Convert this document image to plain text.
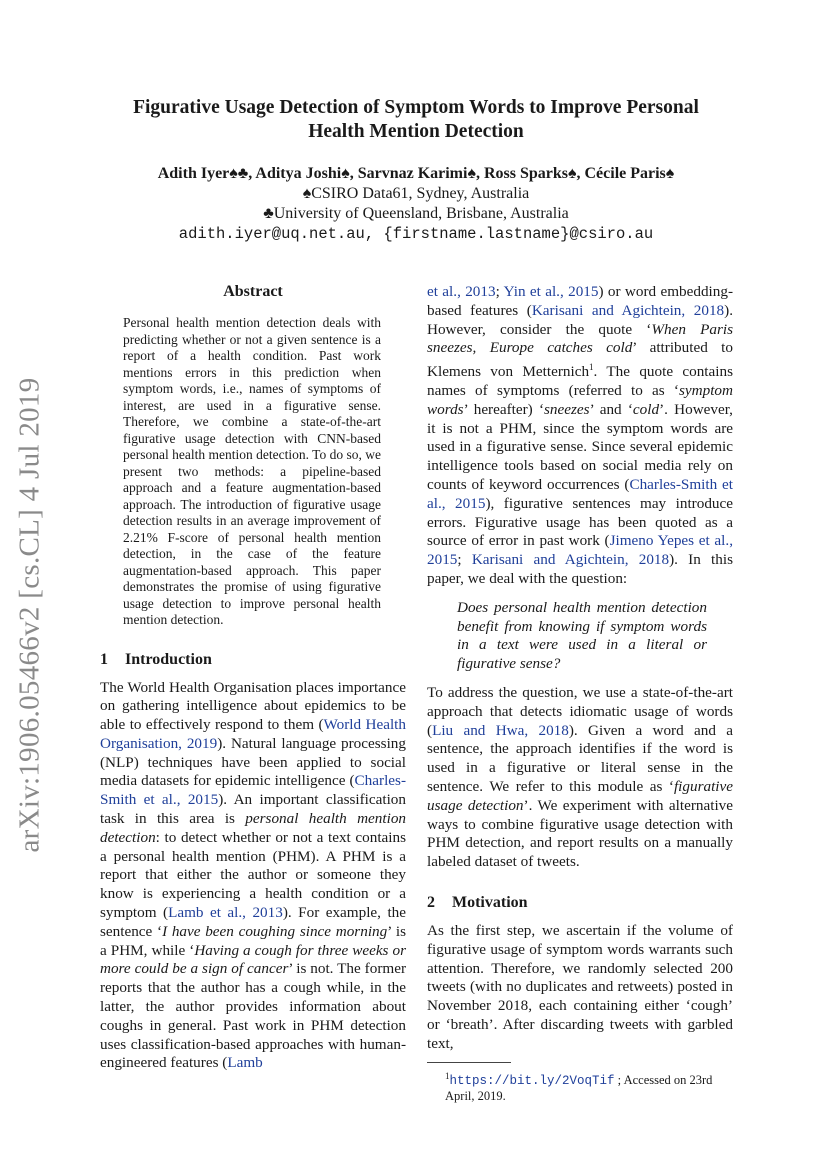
arXiv:1906.05466v2 [cs.CL] 4 Jul 2019
Figurative Usage Detection of Symptom Words to Improve Personal
Health Mention Detection
Adith Iyer♠♣, Aditya Joshi♠, Sarvnaz Karimi♠, Ross Sparks♠, Cécile Paris♠
♠CSIRO Data61, Sydney, Australia
♣University of Queensland, Brisbane, Australia
adith.iyer@uq.net.au, {firstname.lastname}@csiro.au
Abstract
Personal health mention detection deals with predicting whether or not a given sentence is a report of a health condition. Past work mentions errors in this prediction when symptom words, i.e., names of symptoms of interest, are used in a figurative sense. Therefore, we combine a state-of-the-art figurative usage detection with CNN-based personal health mention detection. To do so, we present two methods: a pipeline-based approach and a feature augmentation-based approach. The introduction of figurative usage detection results in an average improvement of 2.21% F-score of personal health mention detection, in the case of the feature augmentation-based approach. This paper demonstrates the promise of using figurative usage detection to improve personal health mention detection.
1 Introduction

The World Health Organisation places importance on gathering intelligence about epidemics to be able to effectively respond to them (World Health Organisation, 2019). Natural language processing (NLP) techniques have been applied to social media datasets for epidemic intelligence (Charles-Smith et al., 2015). An important classification task in this area is personal health mention detection: to detect whether or not a text contains a personal health mention (PHM). A PHM is a report that either the author or someone they know is experiencing a health condition or a symptom (Lamb et al., 2013). For example, the sentence ‘I have been coughing since morning’ is a PHM, while ‘Having a cough for three weeks or more could be a sign of cancer’ is not. The former reports that the author has a cough while, in the latter, the author provides information about coughs in general. Past work in PHM detection uses classification-based approaches with human-engineered features (Lamb

et al., 2013; Yin et al., 2015) or word embedding-based features (Karisani and Agichtein, 2018). However, consider the quote ‘When Paris sneezes, Europe catches cold’ attributed to Klemens von Metternich$^1$. The quote contains names of symptoms (referred to as ‘symptom words’ hereafter) ‘sneezes’ and ‘cold’. However, it is not a PHM, since the symptom words are used in a figurative sense. Since several epidemic intelligence tools based on social media rely on counts of keyword occurrences (Charles-Smith et al., 2015), figurative sentences may introduce errors. Figurative usage has been quoted as a source of error in past work (Jimeno Yepes et al., 2015; Karisani and Agichtein, 2018). In this paper, we deal with the question:

Does personal health mention detection benefit from knowing if symptom words in a text were used in a literal or figurative sense?

To address the question, we use a state-of-the-art approach that detects idiomatic usage of words (Liu and Hwa, 2018). Given a word and a sentence, the approach identifies if the word is used in a figurative or literal sense in the sentence. We refer to this module as ‘figurative usage detection’. We experiment with alternative ways to combine figurative usage detection with PHM detection, and report results on a manually labeled dataset of tweets.

2 Motivation

As the first step, we ascertain if the volume of figurative usage of symptom words warrants such attention. Therefore, we randomly selected 200 tweets (with no duplicates and retweets) posted in November 2018, each containing either ‘cough’ or ‘breath’. After discarding tweets with garbled text,

$^1$https://bit.ly/2VoqTif ; Accessed on 23rd April, 2019.
